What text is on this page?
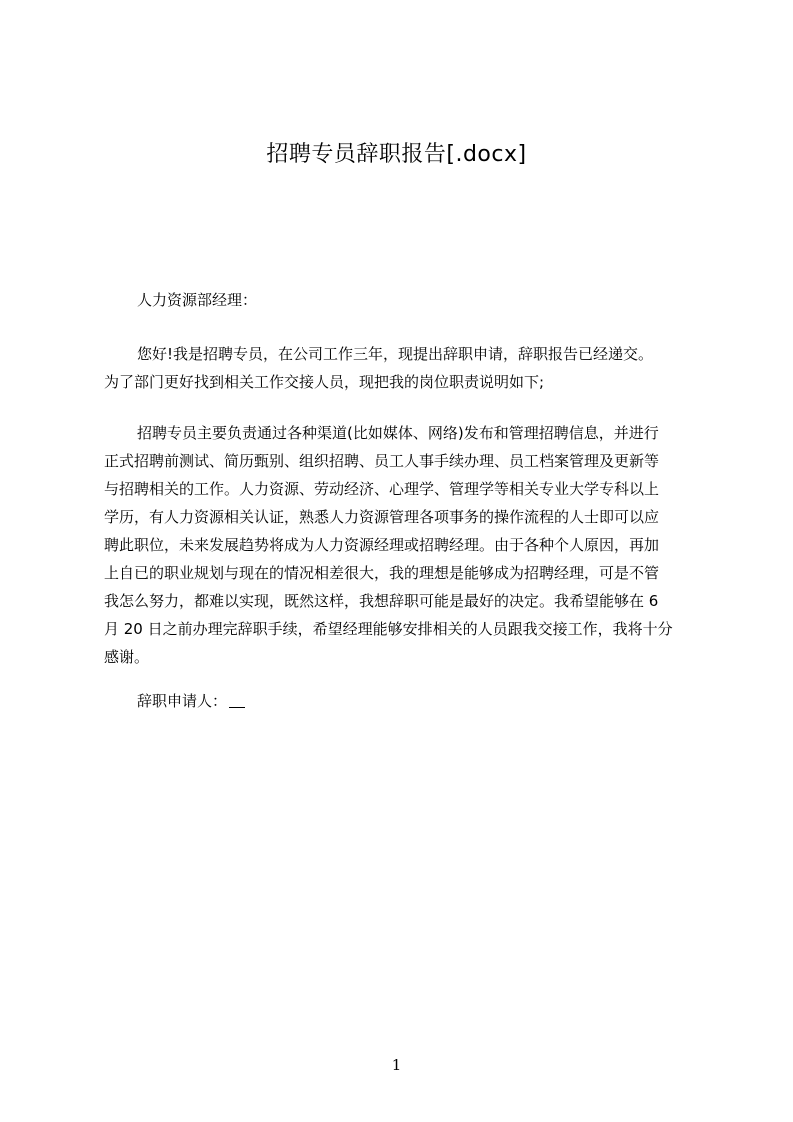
招聘专员辞职报告[.docx]
人力资源部经理：
您好!我是招聘专员，在公司工作三年，现提出辞职申请，辞职报告已经递交。
为了部门更好找到相关工作交接人员，现把我的岗位职责说明如下;
招聘专员主要负责通过各种渠道(比如媒体、网络)发布和管理招聘信息，并进行
正式招聘前测试、简历甄别、组织招聘、员工人事手续办理、员工档案管理及更新等
与招聘相关的工作。人力资源、劳动经济、心理学、管理学等相关专业大学专科以上
学历，有人力资源相关认证，熟悉人力资源管理各项事务的操作流程的人士即可以应
聘此职位，未来发展趋势将成为人力资源经理或招聘经理。由于各种个人原因，再加
上自已的职业规划与现在的情况相差很大，我的理想是能够成为招聘经理，可是不管
我怎么努力，都难以实现，既然这样，我想辞职可能是最好的决定。我希望能够在 6
月 20 日之前办理完辞职手续，希望经理能够安排相关的人员跟我交接工作，我将十分
感谢。
辞职申请人：
1
